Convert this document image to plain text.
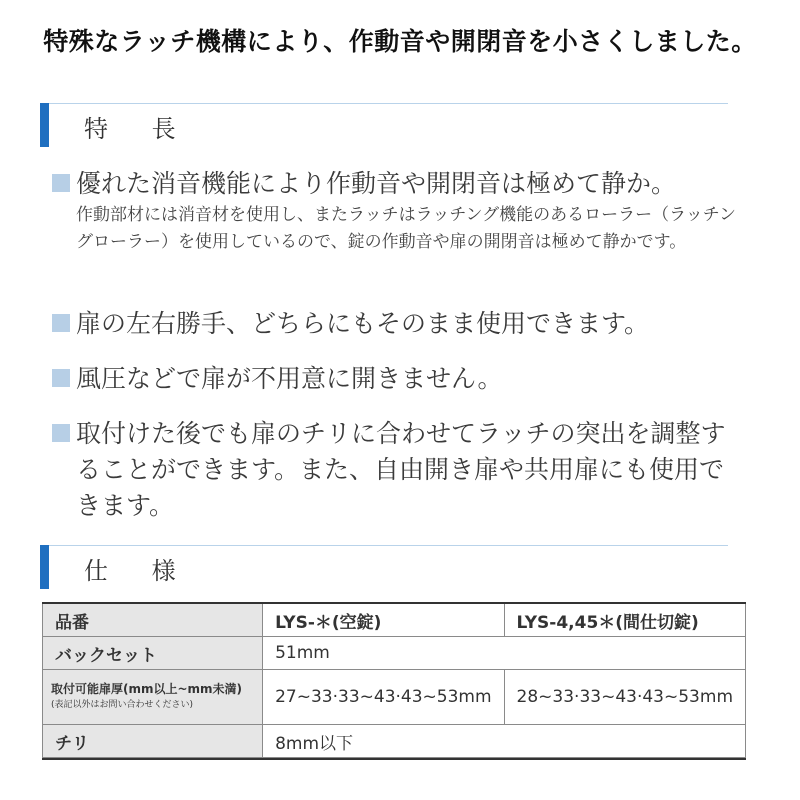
特殊なラッチ機構により、作動音や開閉音を小さくしました。
特 長
優れた消音機能により作動音や開閉音は極めて静か。
作動部材には消音材を使用し、またラッチはラッチング機能のあるローラー（ラッチングローラー）を使用しているので、錠の作動音や扉の開閉音は極めて静かです。
扉の左右勝手、どちらにもそのまま使用できます。
風圧などで扉が不用意に開きません。
取付けた後でも扉のチリに合わせてラッチの突出を調整することができます。また、自由開き扉や共用扉にも使用できます。
仕 様
品番	LYS-＊(空錠)	LYS-4,45＊(間仕切錠)
バックセット	51mm	
取付可能扉厚(mm以上~mm未満)
(表記以外はお問い合わせください)	27~33·33~43·43~53mm	28~33·33~43·43~53mm
チリ	8mm以下	
